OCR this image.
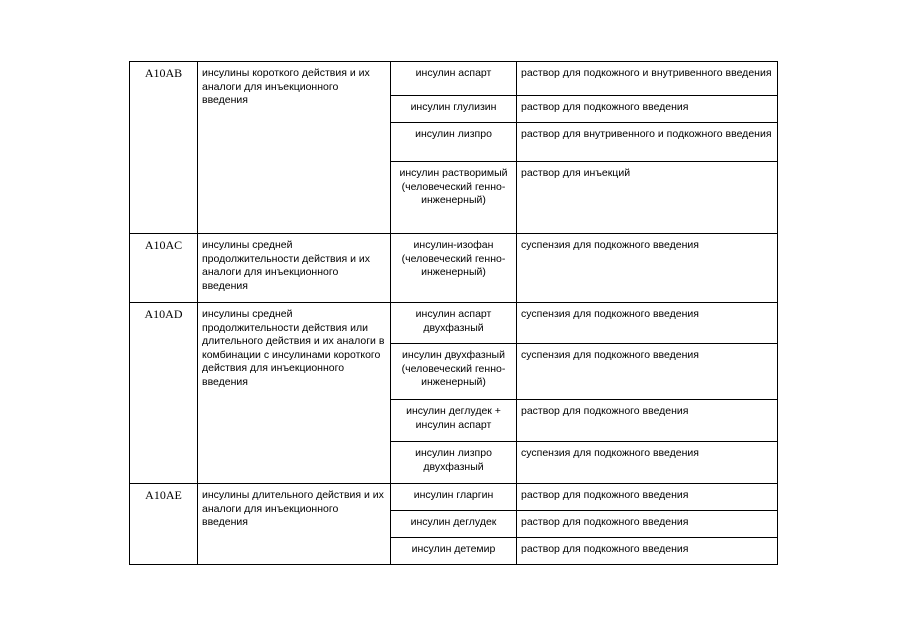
A10AB	инсулины короткого действия и их аналоги для инъекционного введения	инсулин аспарт	раствор для подкожного и внутривенного введения
		инсулин глулизин	раствор для подкожного введения
		инсулин лизпро	раствор для внутривенного и подкожного введения
		инсулин растворимый (человеческий генно-инженерный)	раствор для инъекций
A10AC	инсулины средней продолжительности действия и их аналоги для инъекционного введения	инсулин-изофан (человеческий генно-инженерный)	суспензия для подкожного введения
A10AD	инсулины средней продолжительности действия или длительного действия и их аналоги в комбинации с инсулинами короткого действия для инъекционного введения	инсулин аспарт двухфазный	суспензия для подкожного введения
		инсулин двухфазный (человеческий генно-инженерный)	суспензия для подкожного введения
		инсулин деглудек + инсулин аспарт	раствор для подкожного введения
		инсулин лизпро двухфазный	суспензия для подкожного введения
A10AE	инсулины длительного действия и их аналоги для инъекционного введения	инсулин гларгин	раствор для подкожного введения
		инсулин деглудек	раствор для подкожного введения
		инсулин детемир	раствор для подкожного введения
